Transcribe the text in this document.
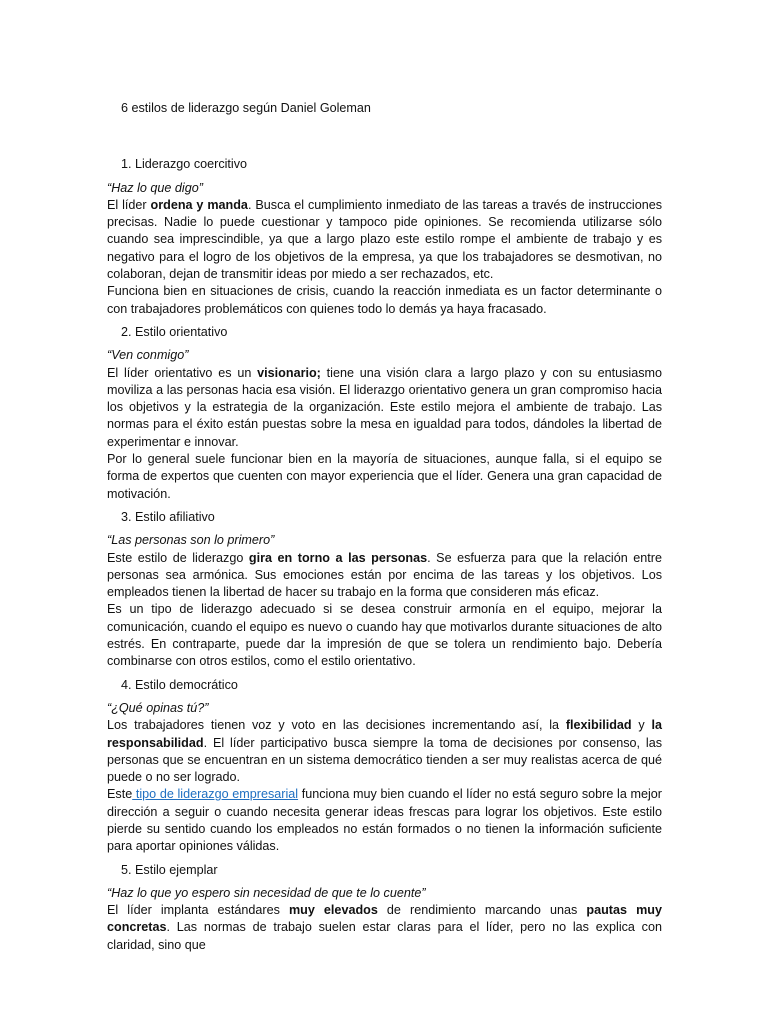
6 estilos de liderazgo según Daniel Goleman

1. Liderazgo coercitivo

“Haz lo que digo”

El líder ordena y manda. Busca el cumplimiento inmediato de las tareas a través de instrucciones precisas. Nadie lo puede cuestionar y tampoco pide opiniones. Se recomienda utilizarse sólo cuando sea imprescindible, ya que a largo plazo este estilo rompe el ambiente de trabajo y es negativo para el logro de los objetivos de la empresa, ya que los trabajadores se desmotivan, no colaboran, dejan de transmitir ideas por miedo a ser rechazados, etc.

Funciona bien en situaciones de crisis, cuando la reacción inmediata es un factor determinante o con trabajadores problemáticos con quienes todo lo demás ya haya fracasado.

2. Estilo orientativo

“Ven conmigo”

El líder orientativo es un visionario; tiene una visión clara a largo plazo y con su entusiasmo moviliza a las personas hacia esa visión. El liderazgo orientativo genera un gran compromiso hacia los objetivos y la estrategia de la organización. Este estilo mejora el ambiente de trabajo. Las normas para el éxito están puestas sobre la mesa en igualdad para todos, dándoles la libertad de experimentar e innovar.

Por lo general suele funcionar bien en la mayoría de situaciones, aunque falla, si el equipo se forma de expertos que cuenten con mayor experiencia que el líder. Genera una gran capacidad de motivación.

3. Estilo afiliativo

“Las personas son lo primero”

Este estilo de liderazgo gira en torno a las personas. Se esfuerza para que la relación entre personas sea armónica. Sus emociones están por encima de las tareas y los objetivos. Los empleados tienen la libertad de hacer su trabajo en la forma que consideren más eficaz.

Es un tipo de liderazgo adecuado si se desea construir armonía en el equipo, mejorar la comunicación, cuando el equipo es nuevo o cuando hay que motivarlos durante situaciones de alto estrés. En contraparte, puede dar la impresión de que se tolera un rendimiento bajo. Debería combinarse con otros estilos, como el estilo orientativo.

4. Estilo democrático

“¿Qué opinas tú?”

Los trabajadores tienen voz y voto en las decisiones incrementando así, la flexibilidad y la responsabilidad. El líder participativo busca siempre la toma de decisiones por consenso, las personas que se encuentran en un sistema democrático tienden a ser muy realistas acerca de qué puede o no ser logrado.

Este tipo de liderazgo empresarial funciona muy bien cuando el líder no está seguro sobre la mejor dirección a seguir o cuando necesita generar ideas frescas para lograr los objetivos. Este estilo pierde su sentido cuando los empleados no están formados o no tienen la información suficiente para aportar opiniones válidas.

5. Estilo ejemplar

“Haz lo que yo espero sin necesidad de que te lo cuente”

El líder implanta estándares muy elevados de rendimiento marcando unas pautas muy concretas. Las normas de trabajo suelen estar claras para el líder, pero no las explica con claridad, sino que
